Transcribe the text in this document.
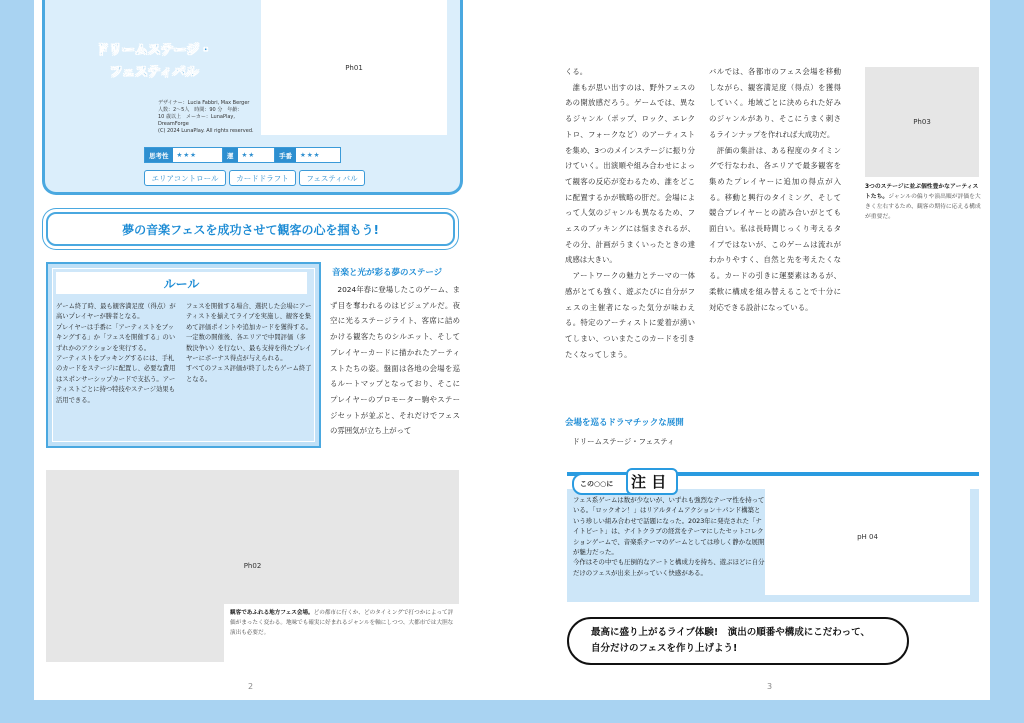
ドリームステージ・
フェスティバル
デザイナー：Lucia Fabbri, Max Berger
人数：2～5人　時間：90 分　年齢：
10 歳以上　メーカー：LunaPlay,
DreamForge
(C) 2024 LunaPlay. All rights reserved.
Ph01
思考性	★★★	運	★★	手番	★★★
エリアコントロール	カードドラフト	フェスティバル
夢の音楽フェスを成功させて観客の心を掴もう!
ルール

ゲーム終了時、最も観客満足度（得点）が高いプレイヤーが勝者となる。

プレイヤーは手番に「アーティストをブッキングする」か「フェスを開催する」のいずれかのアクションを実行する。

アーティストをブッキングするには、手札のカードをステージに配置し、必要な費用はスポンサーシップカードで支払う。アーティストごとに持つ特技やステージ効果も活用できる。

フェスを開催する場合、選択した会場にアーティストを揃えてライブを実施し、観客を集めて評価ポイントや追加カードを獲得する。一定数の開催後、各エリアで中間評価（多数決争い）を行ない、最も支持を得たプレイヤーにボーナス得点が与えられる。

すべてのフェス評価が終了したらゲーム終了となる。

音楽と光が彩る夢のステージ
　2024年春に登場したこのゲーム、まず目を奪われるのはビジュアルだ。夜空に光るステージライト、客席に詰めかける観客たちのシルエット、そしてプレイヤーカードに描かれたアーティストたちの姿。盤面は各地の会場を巡るルートマップとなっており、そこにプレイヤーのプロモーター駒やステージセットが並ぶと、それだけでフェスの雰囲気が立ち上がって
Ph02
観客であふれる地方フェス会場。どの都市に行くか、どのタイミングで打つかによって評価がまったく変わる。地味でも確実に好まれるジャンルを軸にしつつ、大都市では大胆な演出も必要だ。
2
くる。
　誰もが思い出すのは、野外フェスのあの開放感だろう。ゲームでは、異なるジャンル（ポップ、ロック、エレクトロ、フォークなど）のアーティストを集め、3つのメインステージに振り分けていく。出演順や組み合わせによって観客の反応が変わるため、誰をどこに配置するかが戦略の肝だ。会場によって人気のジャンルも異なるため、フェスのブッキングには悩まされるが、その分、計画がうまくいったときの達成感は大きい。
　アートワークの魅力とテーマの一体感がとても強く、遊ぶたびに自分がフェスの主催者になった気分が味わえる。特定のアーティストに愛着が湧いてしまい、ついまたこのカードを引きたくなってしまう。
会場を巡るドラマチックな展開
　ドリームステージ・フェスティ
バルでは、各都市のフェス会場を移動しながら、観客満足度（得点）を獲得していく。地域ごとに決められた好みのジャンルがあり、そこにうまく刺さるラインナップを作れれば大成功だ。
　評価の集計は、ある程度のタイミングで行なわれ、各エリアで最多観客を集めたプレイヤーに追加の得点が入る。移動と興行のタイミング、そして競合プレイヤーとの読み合いがとても面白い。私は長時間じっくり考えるタイプではないが、このゲームは流れがわかりやすく、自然と先を考えたくなる。カードの引きに運要素はあるが、柔軟に構成を組み替えることで十分に対応できる設計になっている。
Ph03
3つのステージに並ぶ個性豊かなアーティストたち。ジャンルの偏りや演出順が評価を大きく左右するため、観客の期待に応える構成が重要だ。
この○○に 注 目
フェス系ゲームは数が少ないが、いずれも強烈なテーマ性を持っている。「ロックオン！」はリアルタイムアクション＋パンド構築という珍しい組み合わせで話題になった。2023年に発売された「ナイトビート」は、ナイトクラブの経営をテーマにしたセットコレクションゲームで、音楽系テーマのゲームとしては珍しく静かな展開が魅力だった。
今作はその中でも圧倒的なアートと構成力を持ち、遊ぶほどに自分だけのフェスが出来上がっていく快感がある。
pH 04
最高に盛り上がるライブ体験!　演出の順番や構成にこだわって、
自分だけのフェスを作り上げよう!
3
